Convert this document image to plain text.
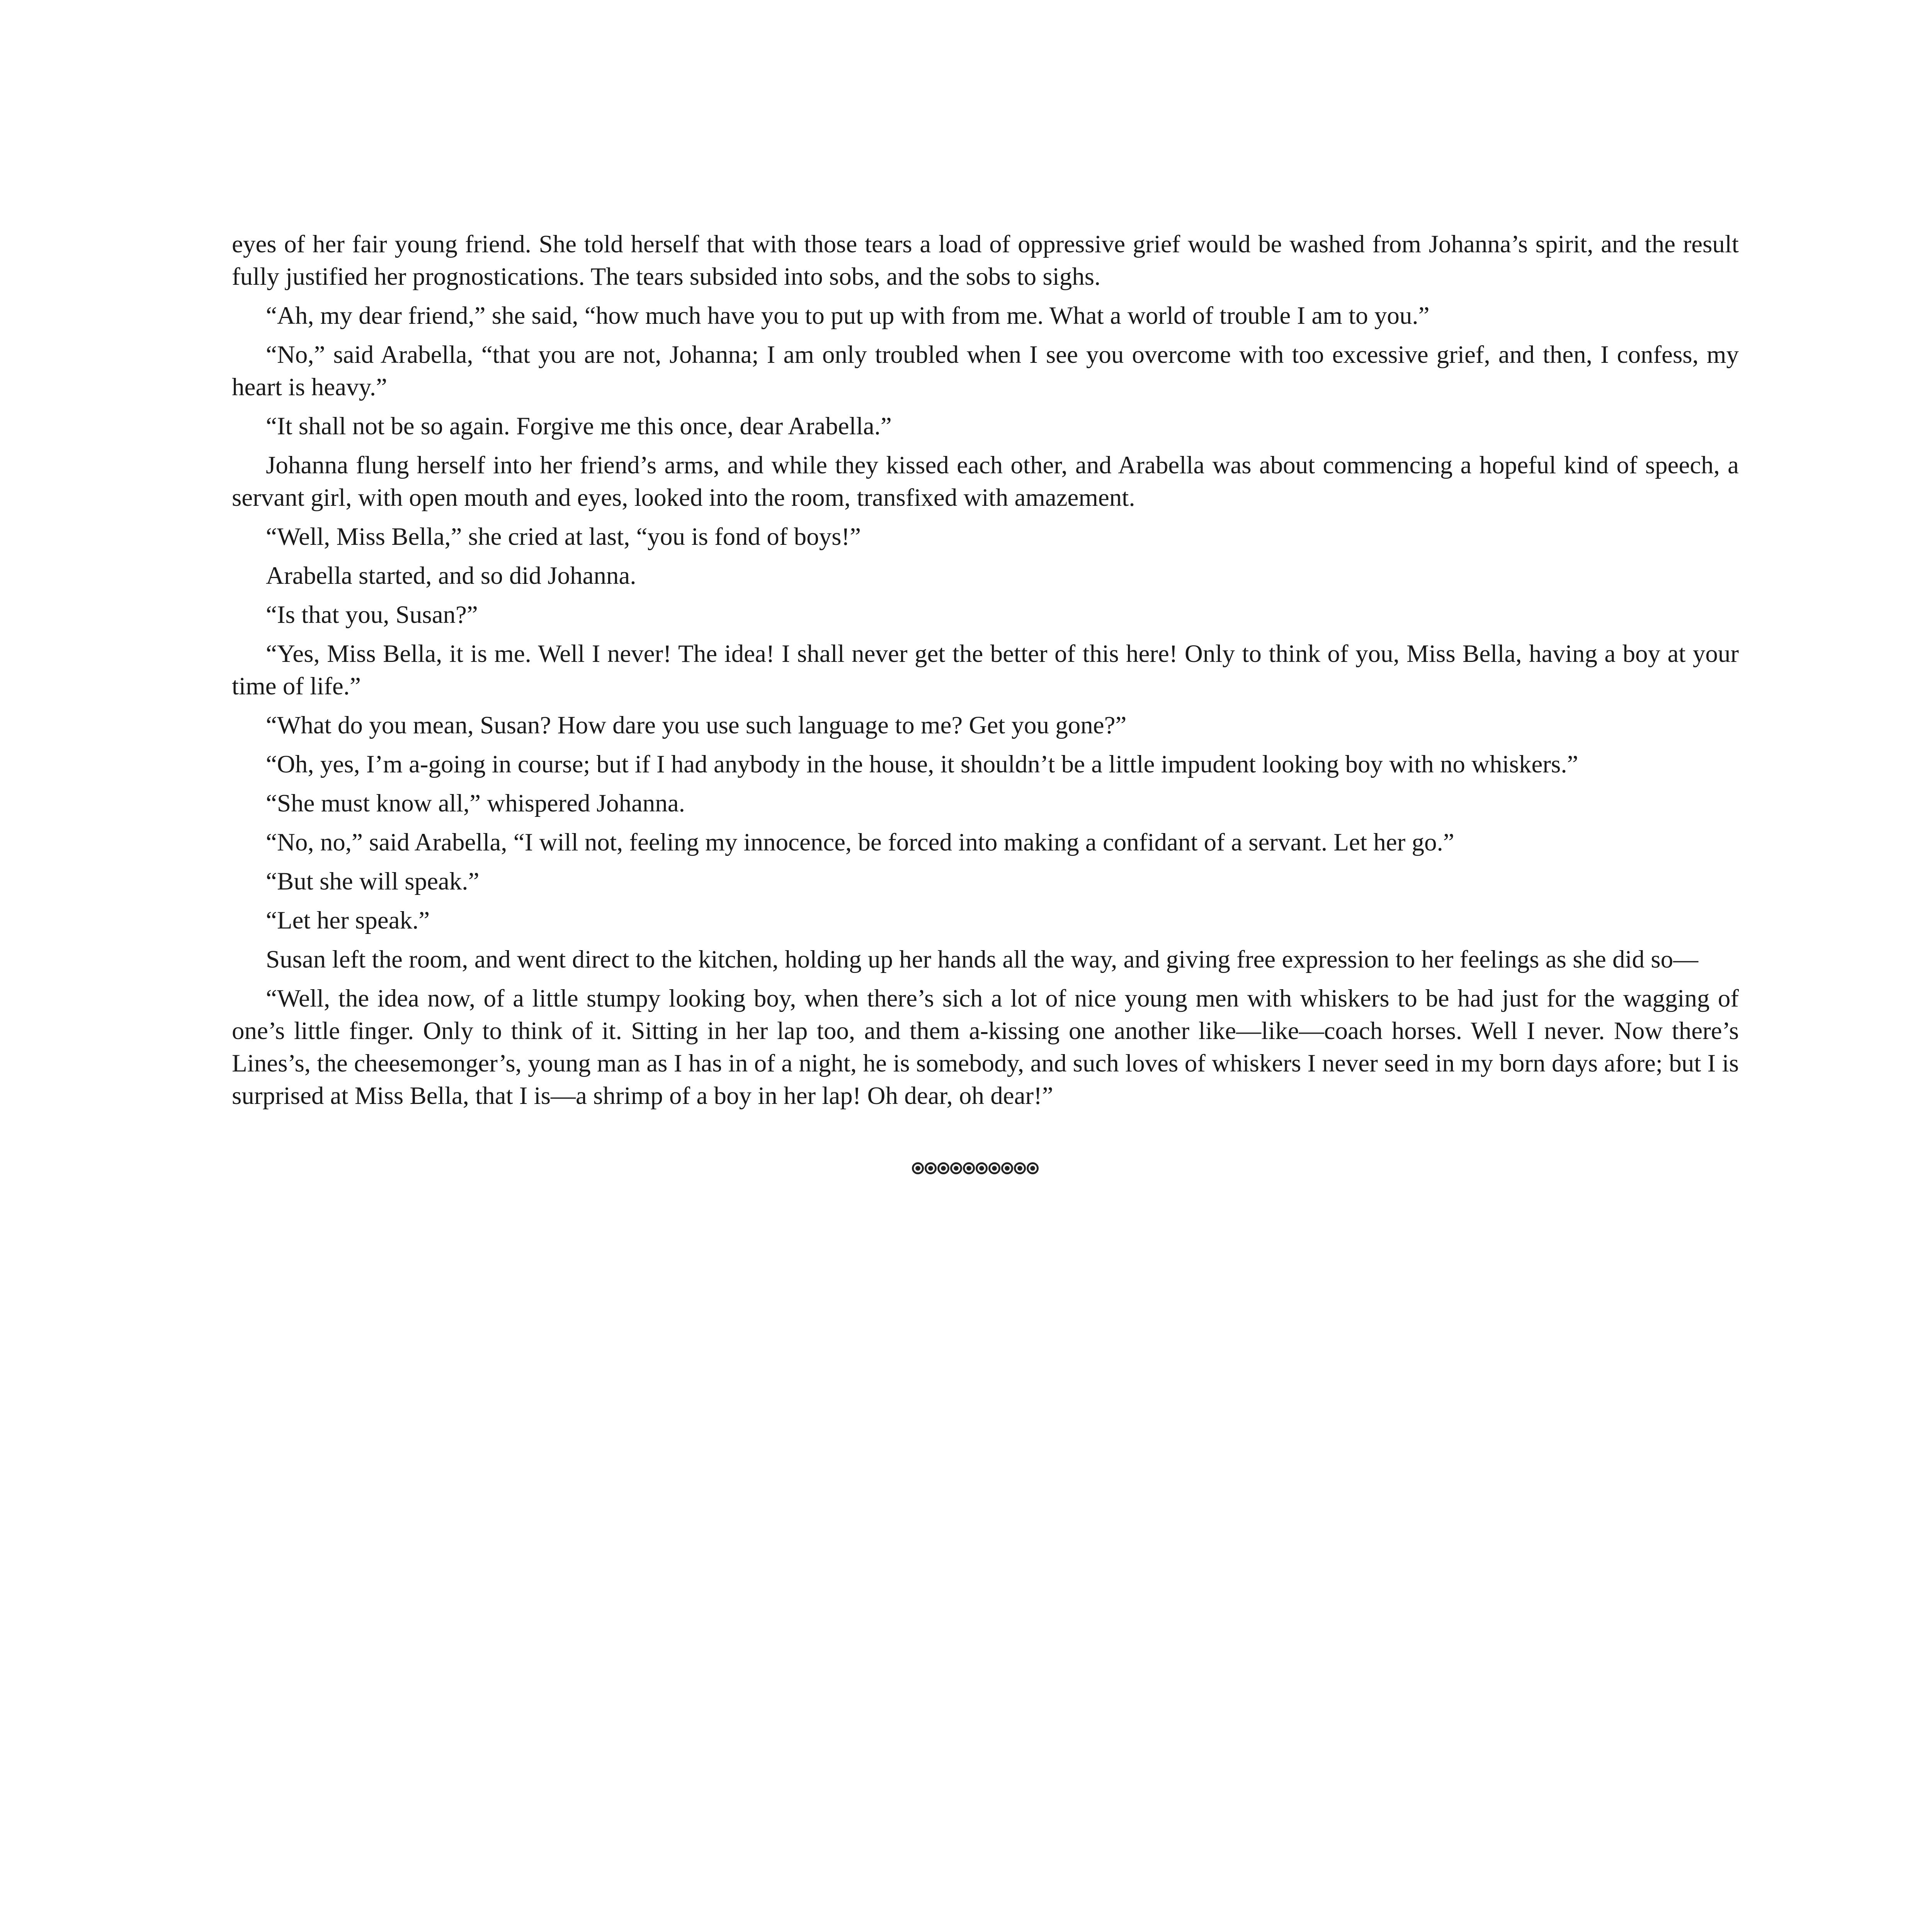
eyes of her fair young friend. She told herself that with those tears a load of oppressive grief would be washed from Johanna’s spirit, and the result fully justified her prognostications. The tears subsided into sobs, and the sobs to sighs.

“Ah, my dear friend,” she said, “how much have you to put up with from me. What a world of trouble I am to you.”

“No,” said Arabella, “that you are not, Johanna; I am only troubled when I see you overcome with too excessive grief, and then, I confess, my heart is heavy.”

“It shall not be so again. Forgive me this once, dear Arabella.”

Johanna flung herself into her friend’s arms, and while they kissed each other, and Arabella was about commencing a hopeful kind of speech, a servant girl, with open mouth and eyes, looked into the room, transfixed with amazement.

“Well, Miss Bella,” she cried at last, “you is fond of boys!”

Arabella started, and so did Johanna.

“Is that you, Susan?”

“Yes, Miss Bella, it is me. Well I never! The idea! I shall never get the better of this here! Only to think of you, Miss Bella, having a boy at your time of life.”

“What do you mean, Susan? How dare you use such language to me? Get you gone?”

“Oh, yes, I’m a-going in course; but if I had anybody in the house, it shouldn’t be a little impudent looking boy with no whiskers.”

“She must know all,” whispered Johanna.

“No, no,” said Arabella, “I will not, feeling my innocence, be forced into making a confidant of a servant. Let her go.”

“But she will speak.”

“Let her speak.”

Susan left the room, and went direct to the kitchen, holding up her hands all the way, and giving free expression to her feelings as she did so—

“Well, the idea now, of a little stumpy looking boy, when there’s sich a lot of nice young men with whiskers to be had just for the wagging of one’s little finger. Only to think of it. Sitting in her lap too, and them a-kissing one another like—like—coach horses. Well I never. Now there’s Lines’s, the cheesemonger’s, young man as I has in of a night, he is somebody, and such loves of whiskers I never seed in my born days afore; but I is surprised at Miss Bella, that I is—a shrimp of a boy in her lap! Oh dear, oh dear!”
